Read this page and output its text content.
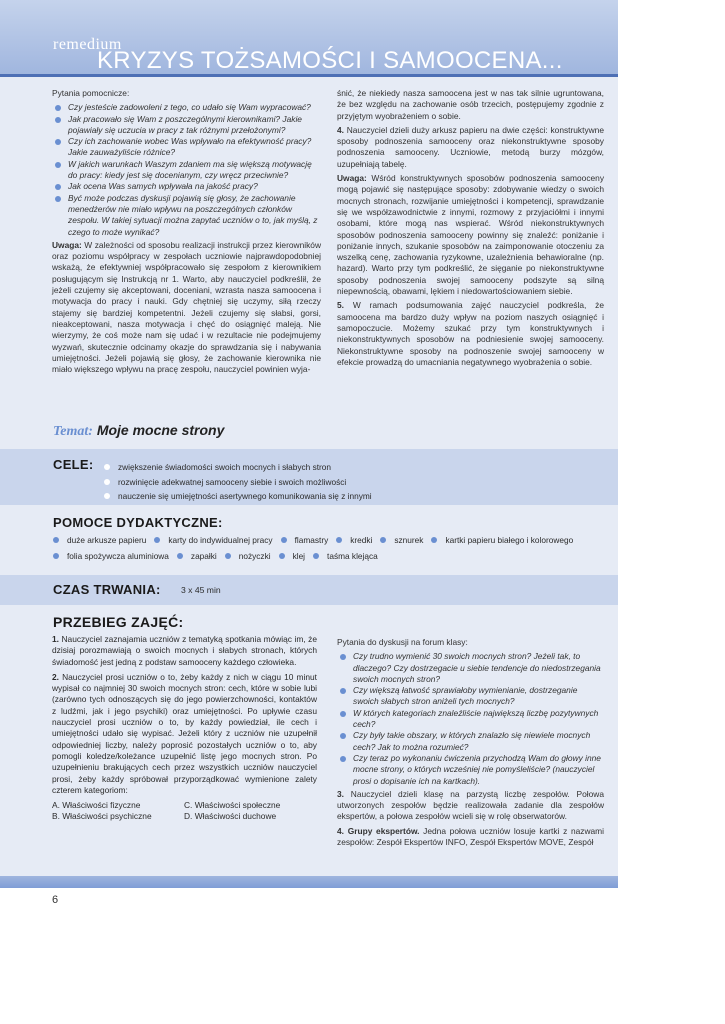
remedium
KRYZYS TOŻSAMOŚCI I SAMOOCENA...

Pytania pomocnicze:

Czy jesteście zadowoleni z tego, co udało się Wam wypracować?
Jak pracowało się Wam z poszczególnymi kierownikami? Jakie pojawiały się uczucia w pracy z tak różnymi przełożonymi?
Czy ich zachowanie wobec Was wpływało na efektywność pracy? Jakie zauważyliście różnice?
W jakich warunkach Waszym zdaniem ma się większą motywację do pracy: kiedy jest się docenianym, czy wręcz przeciwnie?
Jak ocena Was samych wpływała na jakość pracy?
Być może podczas dyskusji pojawią się głosy, że zachowanie menedżerów nie miało wpływu na poszczególnych członków zespołu. W takiej sytuacji można zapytać uczniów o to, jak myślą, z czego to może wynikać?

Uwaga: W zależności od sposobu realizacji instrukcji przez kierowników oraz poziomu współpracy w zespołach uczniowie najprawdopodobniej wskażą, że efektywniej współpracowało się zespołom z kierownikiem posługującym się Instrukcją nr 1. Warto, aby nauczyciel podkreślił, że jeżeli czujemy się akceptowani, doceniani, wzrasta nasza samoocena i motywacja do pracy i nauki. Gdy chętniej się uczymy, siłą rzeczy stajemy się bardziej kompetentni. Jeżeli czujemy się słabsi, gorsi, nieakceptowani, nasza motywacja i chęć do osiągnięć maleją. Nie wierzymy, że coś może nam się udać i w rezultacie nie podejmujemy wyzwań, skutecznie odcinamy okazje do sprawdzania się i nabywania umiejętności. Jeżeli pojawią się głosy, że zachowanie kierownika nie miało większego wpływu na pracę zespołu, nauczyciel powinien wyja-

śnić, że niekiedy nasza samoocena jest w nas tak silnie ugruntowana, że bez względu na zachowanie osób trzecich, postępujemy zgodnie z przyjętym wyobrażeniem o sobie.

4. Nauczyciel dzieli duży arkusz papieru na dwie części: konstruktywne sposoby podnoszenia samooceny oraz niekonstruktywne sposoby podnoszenia samooceny. Uczniowie, metodą burzy mózgów, uzupełniają tabelę.

Uwaga: Wśród konstruktywnych sposobów podnoszenia samooceny mogą pojawić się następujące sposoby: zdobywanie wiedzy o swoich mocnych stronach, rozwijanie umiejętności i kompetencji, sprawdzanie się we współzawodnictwie z innymi, rozmowy z przyjaciółmi i innymi osobami, które mogą nas wspierać. Wśród niekonstruktywnych sposobów podnoszenia samooceny powinny się znaleźć: poniżanie i poniżanie innych, szukanie sposobów na zaimponowanie otoczeniu za wszelką cenę, zachowania ryzykowne, uzależnienia behawioralne (np. hazard). Warto przy tym podkreślić, że sięganie po niekonstruktywne sposoby podnoszenia swojej samooceny podszyte są silną niepewnością, obawami, lękiem i niedowartościowaniem siebie.

5. W ramach podsumowania zajęć nauczyciel podkreśla, że samoocena ma bardzo duży wpływ na poziom naszych osiągnięć i samopoczucie. Możemy szukać przy tym konstruktywnych i niekonstruktywnych sposobów na podniesienie swojej samooceny. Niekonstruktywne sposoby na podnoszenie swojej samooceny w efekcie prowadzą do umacniania negatywnego wyobrażenia o sobie.

Temat: Moje mocne strony
CELE:	zwiększenie świadomości swoich mocnych i słabych stron
rozwinięcie adekwatnej samooceny siebie i swoich możliwości
nauczenie się umiejętności asertywnego komunikowania się z innymi
POMOCE DYDAKTYCZNE:
duże arkusze papieru	karty do indywidualnej pracy	flamastry	kredki	sznurek	kartki papieru białego i kolorowego
folia spożywcza aluminiowa	zapałki	nożyczki	klej	taśma klejąca
CZAS TRWANIA: 3 x 45 min
PRZEBIEG ZAJĘĆ:

1. Nauczyciel zaznajamia uczniów z tematyką spotkania mówiąc im, że dzisiaj porozmawiają o swoich mocnych i słabych stronach, których świadomość jest jedną z podstaw samooceny każdego człowieka.

2. Nauczyciel prosi uczniów o to, żeby każdy z nich w ciągu 10 minut wypisał co najmniej 30 swoich mocnych stron: cech, które w sobie lubi (zarówno tych odnoszących się do jego powierzchowności, kontaktów z ludźmi, jak i jego psychiki) oraz umiejętności. Po upływie czasu nauczyciel prosi uczniów o to, by każdy powiedział, ile cech i umiejętności udało się wypisać. Jeżeli który z uczniów nie uzupełnił odpowiedniej liczby, należy poprosić pozostałych uczniów o to, aby pomogli koledze/koleżance uzupełnić listę jego mocnych stron. Po uzupełnieniu brakujących cech przez wszystkich uczniów nauczyciel prosi, żeby każdy spróbował przyporządkować wymienione zalety czterem kategoriom:

A. Właściwości fizyczne	C. Właściwości społeczne
B. Właściwości psychiczne	D. Właściwości duchowe

Pytania do dyskusji na forum klasy:

Czy trudno wymienić 30 swoich mocnych stron? Jeżeli tak, to dlaczego? Czy dostrzegacie u siebie tendencje do niedostrzegania swoich mocnych stron?
Czy większą łatwość sprawiałoby wymienianie, dostrzeganie swoich słabych stron aniżeli tych mocnych?
W których kategoriach znaleźliście największą liczbę pozytywnych cech?
Czy były takie obszary, w których znalazło się niewiele mocnych cech? Jak to można rozumieć?
Czy teraz po wykonaniu ćwiczenia przychodzą Wam do głowy inne mocne strony, o których wcześniej nie pomyśleliście? (nauczyciel prosi o dopisanie ich na kartkach).

3. Nauczyciel dzieli klasę na parzystą liczbę zespołów. Połowa utworzonych zespołów będzie realizowała zadanie dla zespołów ekspertów, a połowa zespołów wcieli się w rolę obserwatorów.

4. Grupy ekspertów. Jedna połowa uczniów losuje kartki z nazwami zespołów: Zespół Ekspertów INFO, Zespół Ekspertów MOVE, Zespół

6
